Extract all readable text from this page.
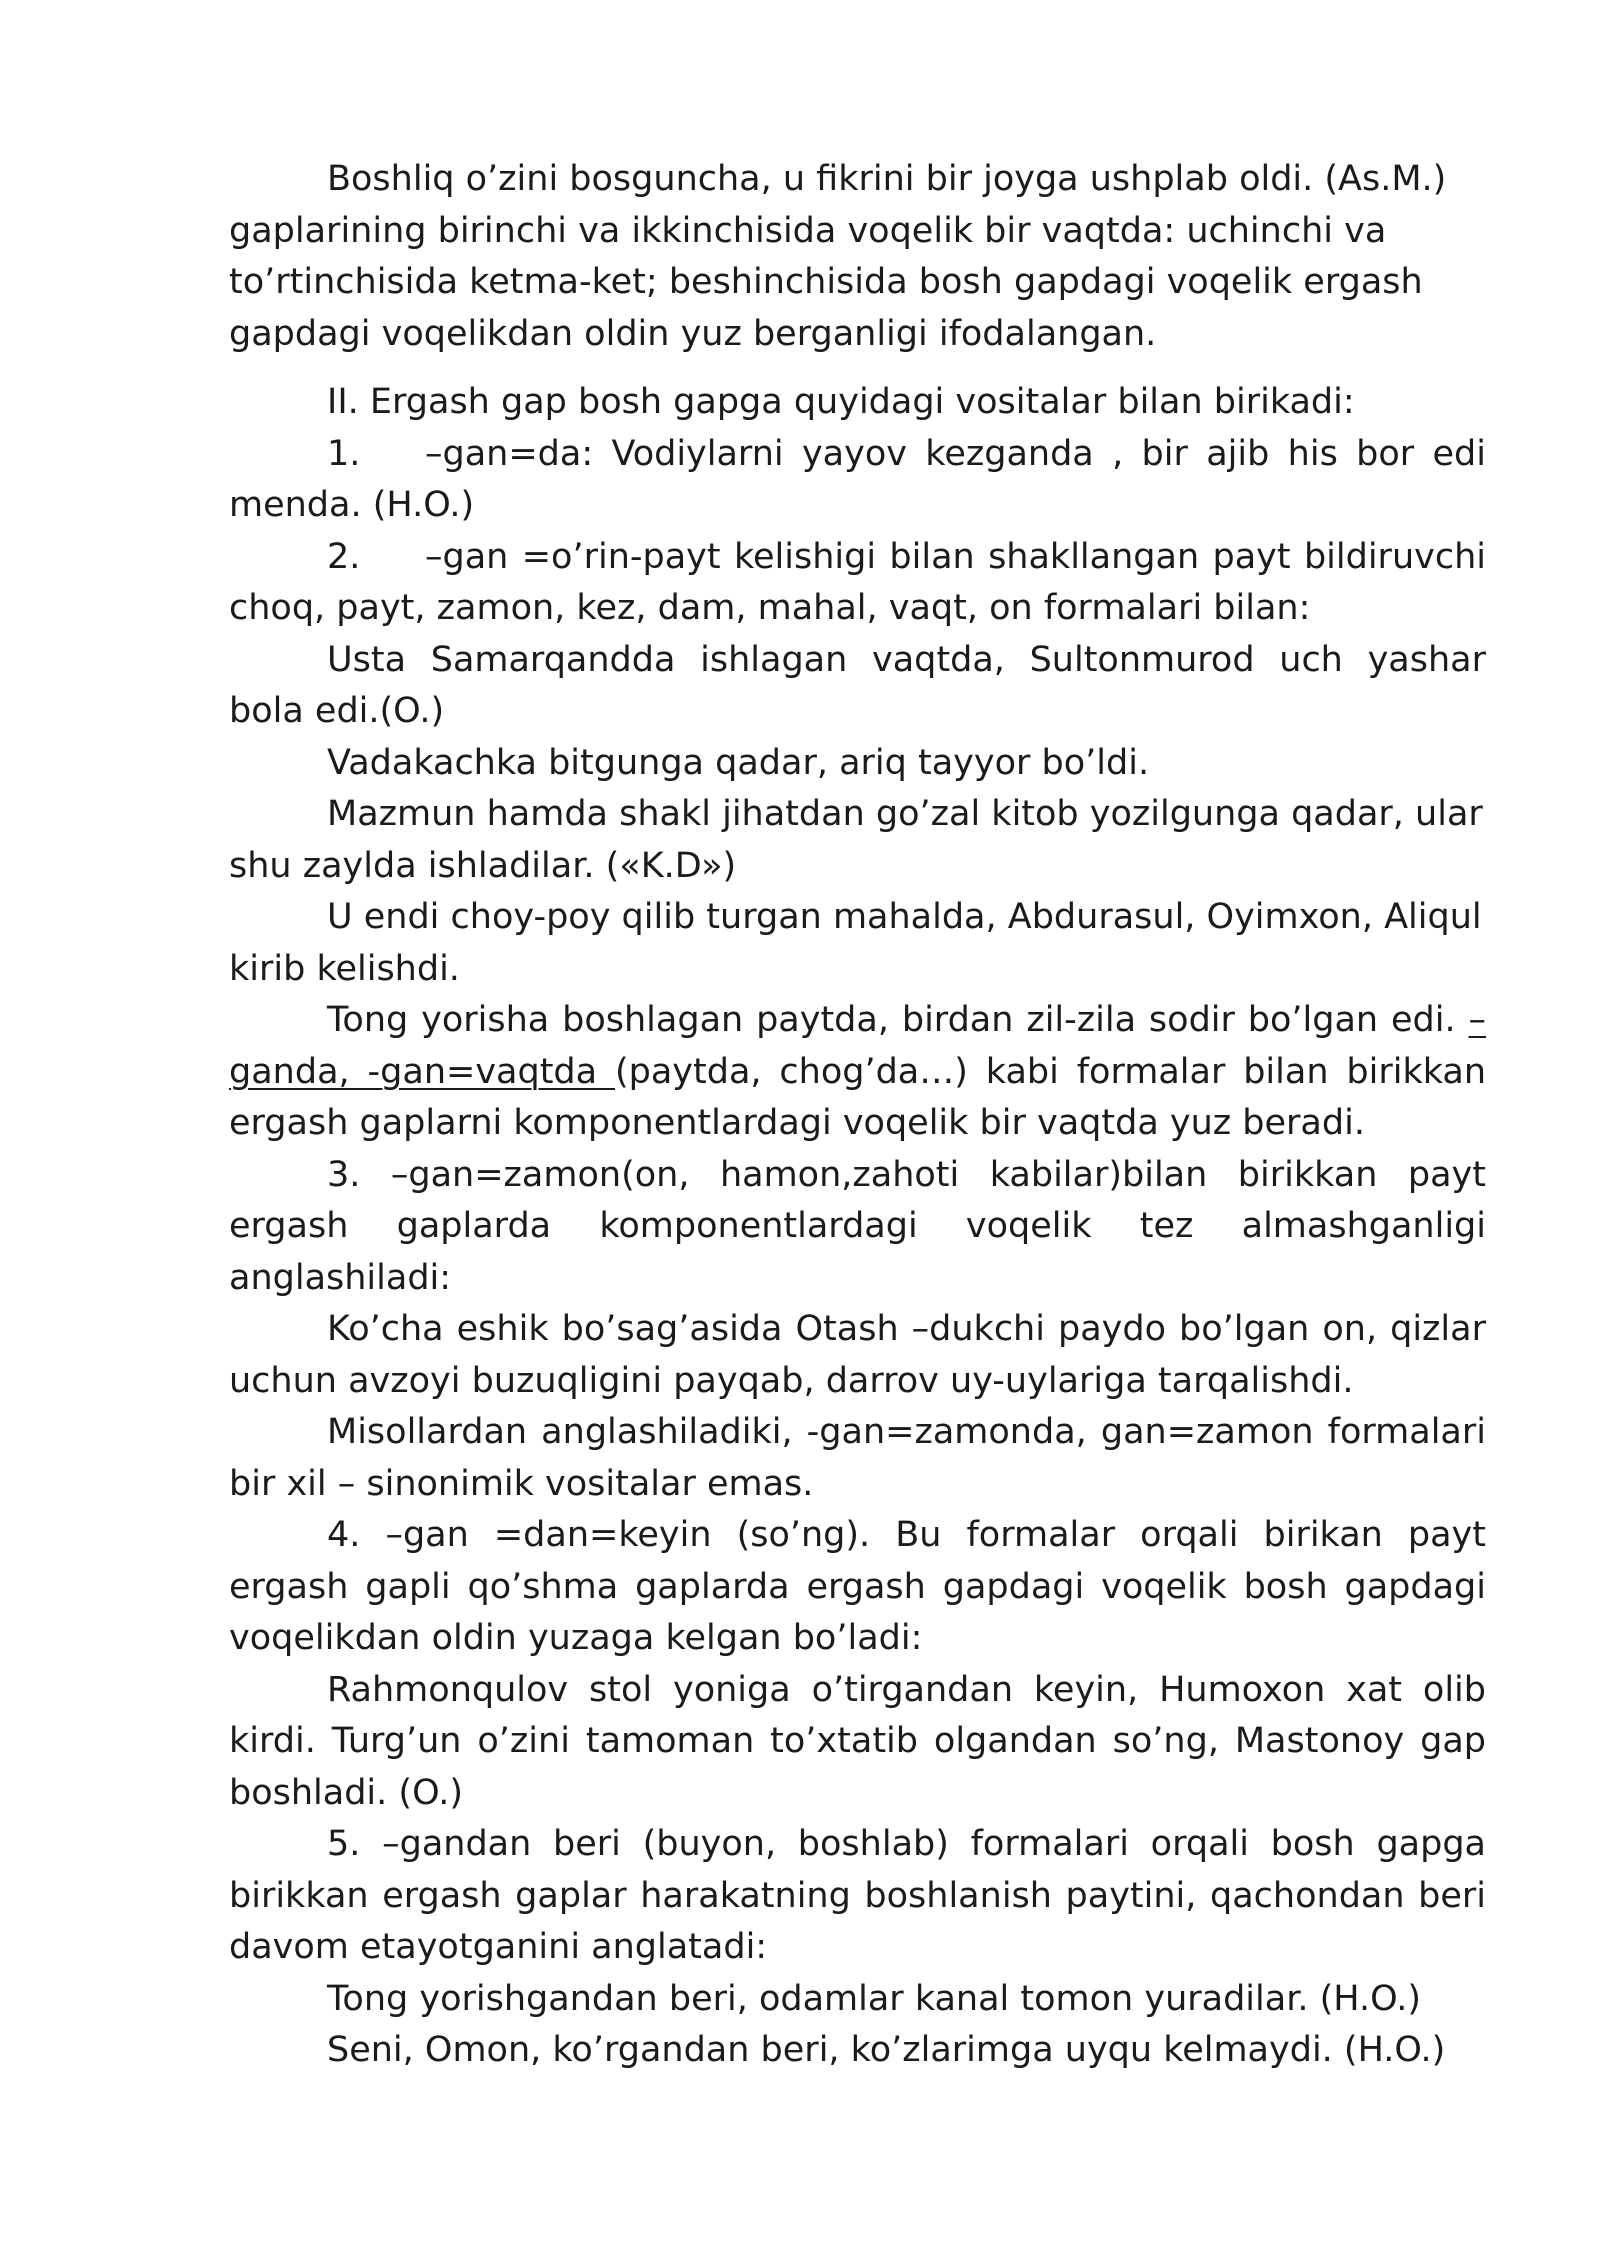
Boshliq o’zini bosguncha, u fikrini bir joyga ushplab oldi. (As.M.) gaplarining birinchi va ikkinchisida voqelik bir vaqtda: uchinchi va to’rtinchisida ketma-ket; beshinchisida bosh gapdagi voqelik ergash gapdagi voqelikdan oldin yuz berganligi ifodalangan.

II. Ergash gap bosh gapga quyidagi vositalar bilan birikadi:

1. –gan=da: Vodiylarni yayov kezganda , bir ajib his bor edi menda. (H.O.)

2. –gan =o’rin-payt kelishigi bilan shakllangan payt bildiruvchi choq, payt, zamon, kez, dam, mahal, vaqt, on formalari bilan:

Usta Samarqandda ishlagan vaqtda, Sultonmurod uch yashar bola edi.(O.)

Vadakachka bitgunga qadar, ariq tayyor bo’ldi.

Mazmun hamda shakl jihatdan go’zal kitob yozilgunga qadar, ular shu zaylda ishladilar. («K.D»)

U endi choy-poy qilib turgan mahalda, Abdurasul, Oyimxon, Aliqul kirib kelishdi.

Tong yorisha boshlagan paytda, birdan zil-zila sodir bo’lgan edi. –ganda, -gan=vaqtda (paytda, chog’da…) kabi formalar bilan birikkan ergash gaplarni komponentlardagi voqelik bir vaqtda yuz beradi.

3. –gan=zamon(on, hamon,zahoti kabilar)bilan birikkan payt ergash gaplarda komponentlardagi voqelik tez almashganligi anglashiladi:

Ko’cha eshik bo’sag’asida Otash –dukchi paydo bo’lgan on, qizlar uchun avzoyi buzuqligini payqab, darrov uy-uylariga tarqalishdi.

Misollardan anglashiladiki, -gan=zamonda, gan=zamon formalari bir xil – sinonimik vositalar emas.

4. –gan =dan=keyin (so’ng). Bu formalar orqali birikan payt ergash gapli qo’shma gaplarda ergash gapdagi voqelik bosh gapdagi voqelikdan oldin yuzaga kelgan bo’ladi:

Rahmonqulov stol yoniga o’tirgandan keyin, Humoxon xat olib kirdi. Turg’un o’zini tamoman to’xtatib olgandan so’ng, Mastonoy gap boshladi. (O.)

5. –gandan beri (buyon, boshlab) formalari orqali bosh gapga birikkan ergash gaplar harakatning boshlanish paytini, qachondan beri davom etayotganini anglatadi:

Tong yorishgandan beri, odamlar kanal tomon yuradilar. (H.O.)

Seni, Omon, ko’rgandan beri, ko’zlarimga uyqu kelmaydi. (H.O.)
